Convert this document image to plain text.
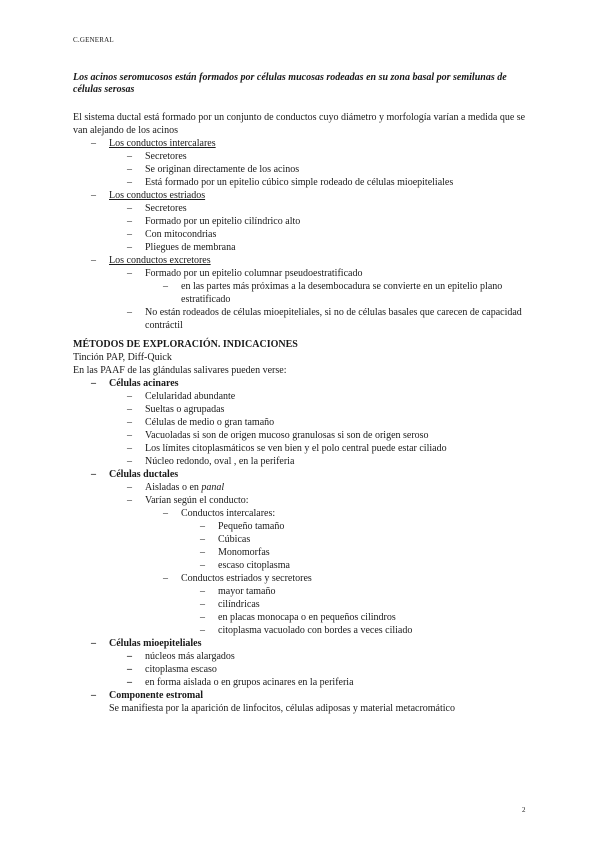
C.GENERAL
Los acinos seromucosos están formados por células mucosas rodeadas en su zona basal por semilunas de células serosas
El sistema ductal está formado por un conjunto de conductos cuyo diámetro y morfología varían a medida que se van alejando de los acinos
– Los conductos intercalares
– Secretores
– Se originan directamente de los acinos
– Está formado por un epitelio cúbico simple rodeado de células mioepiteliales
– Los conductos estriados
– Secretores
– Formado por un epitelio cilíndrico alto
– Con mitocondrias
– Pliegues de membrana
– Los conductos excretores
– Formado por un epitelio columnar pseudoestratificado
– en las partes más próximas a la desembocadura se convierte en un epitelio plano estratificado
– No están rodeados de células mioepiteliales, si no de células basales que carecen de capacidad contráctil
MÉTODOS DE EXPLORACIÓN. INDICACIONES
Tinción PAP, Diff-Quick
En las PAAF de las glándulas salivares pueden verse:
– Células acinares
– Celularidad abundante
– Sueltas o agrupadas
– Células de medio o gran tamaño
– Vacuoladas si son de origen mucoso granulosas si son de origen seroso
– Los límites citoplasmáticos se ven bien y el polo central puede estar ciliado
– Núcleo redondo, oval , en la periferia
– Células ductales
– Aisladas o en panal
– Varían según el conducto:
– Conductos intercalares:
– Pequeño tamaño
– Cúbicas
– Monomorfas
– escaso citoplasma
– Conductos estriados y secretores
– mayor tamaño
– cilíndricas
– en placas monocapa o en pequeños cilindros
– citoplasma vacuolado con bordes a veces ciliado
– Células mioepiteliales
– núcleos más alargados
– citoplasma escaso
– en forma aislada o en grupos acinares en la periferia
– Componente estromal
Se manifiesta por la aparición de linfocitos, células adiposas y material metacromático
2
